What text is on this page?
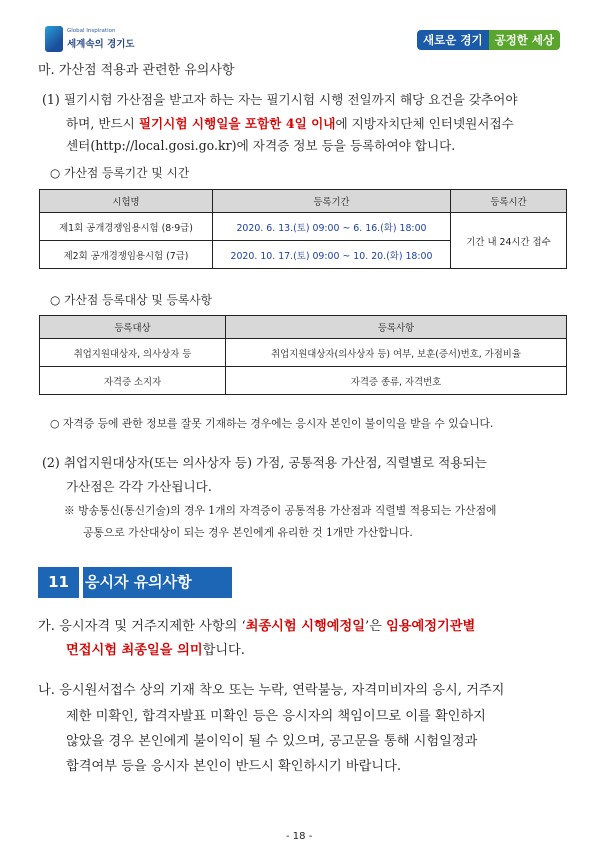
Global Inspiration
세계속의 경기도	새로운 경기	공정한 세상
마. 가산점 적용과 관련한 유의사항
(1) 필기시험 가산점을 받고자 하는 자는 필기시험 시행 전일까지 해당 요건을 갖추어야
하며, 반드시 필기시험 시행일을 포함한 4일 이내에 지방자치단체 인터넷원서접수
센터(http://local.gosi.go.kr)에 자격증 정보 등을 등록하여야 합니다.
○ 가산점 등록기간 및 시간
시험명	등록기간	등록시간
제1회 공개경쟁임용시험 (8·9급)	2020. 6. 13.(토) 09:00 ~ 6. 16.(화) 18:00	기간 내 24시간 접수
제2회 공개경쟁임용시험 (7급)	2020. 10. 17.(토) 09:00 ~ 10. 20.(화) 18:00	
○ 가산점 등록대상 및 등록사항
등록대상	등록사항
취업지원대상자, 의사상자 등	취업지원대상자(의사상자 등) 여부, 보훈(증서)번호, 가점비율
자격증 소지자	자격증 종류, 자격번호
○ 자격증 등에 관한 정보를 잘못 기재하는 경우에는 응시자 본인이 불이익을 받을 수 있습니다.
(2) 취업지원대상자(또는 의사상자 등) 가점, 공통적용 가산점, 직렬별로 적용되는
가산점은 각각 가산됩니다.
※ 방송통신(통신기술)의 경우 1개의 자격증이 공통적용 가산점과 직렬별 적용되는 가산점에
공통으로 가산대상이 되는 경우 본인에게 유리한 것 1개만 가산합니다.
11	응시자 유의사항
가. 응시자격 및 거주지제한 사항의 ‘최종시험 시행예정일’은 임용예정기관별
면접시험 최종일을 의미합니다.
나. 응시원서접수 상의 기재 착오 또는 누락, 연락불능, 자격미비자의 응시, 거주지
제한 미확인, 합격자발표 미확인 등은 응시자의 책임이므로 이를 확인하지
않았을 경우 본인에게 불이익이 될 수 있으며, 공고문을 통해 시험일정과
합격여부 등을 응시자 본인이 반드시 확인하시기 바랍니다.
- 18 -
